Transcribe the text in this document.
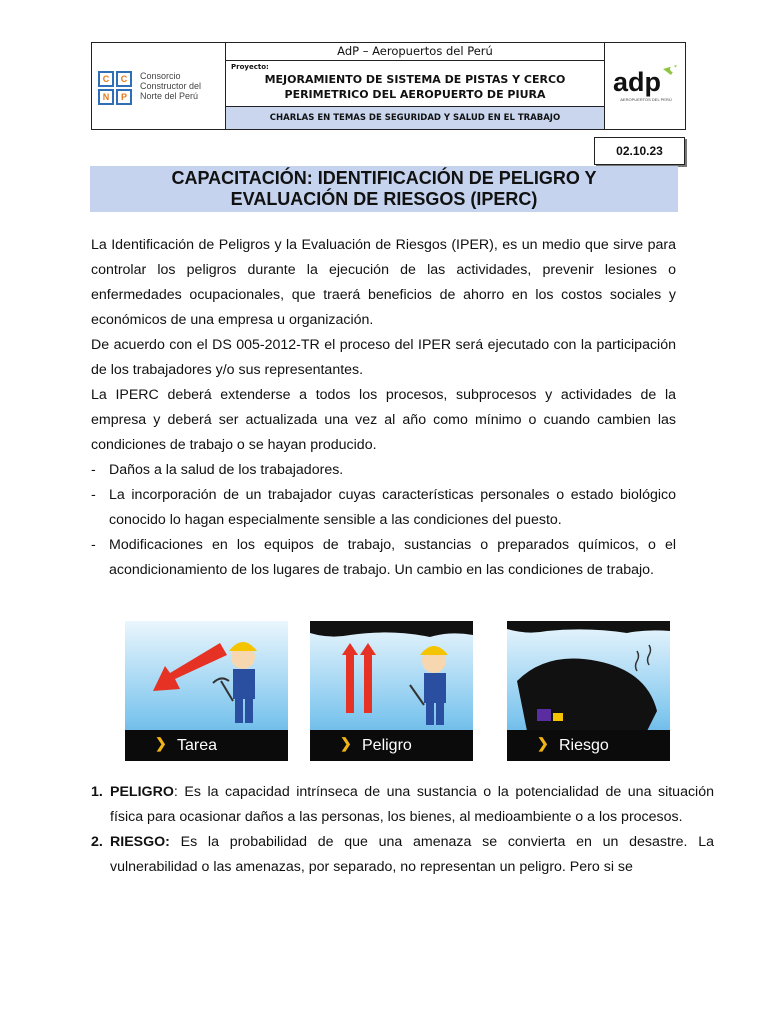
C	C
N	P
Consorcio
Constructor del
Norte del Perú
AdP – Aeropuertos del Perú
Proyecto:
MEJORAMIENTO DE SISTEMA DE PISTAS Y CERCO
PERIMETRICO DEL AEROPUERTO DE PIURA
CHARLAS EN TEMAS DE SEGURIDAD Y SALUD EN EL TRABAJO
adp
AEROPUERTOS DEL PERÚ
02.10.23
CAPACITACIÓN: IDENTIFICACIÓN DE PELIGRO Y
EVALUACIÓN DE RIESGOS (IPERC)

La Identificación de Peligros y la Evaluación de Riesgos (IPER), es un medio que sirve para controlar los peligros durante la ejecución de las actividades, prevenir lesiones o enfermedades ocupacionales, que traerá beneficios de ahorro en los costos sociales y económicos de una empresa u organización.

De acuerdo con el DS 005-2012-TR el proceso del IPER será ejecutado con la participación de los trabajadores y/o sus representantes.

La IPERC deberá extenderse a todos los procesos, subprocesos y actividades de la empresa y deberá ser actualizada una vez al año como mínimo o cuando cambien las condiciones de trabajo o se hayan producido.

- Daños a la salud de los trabajadores.
- La incorporación de un trabajador cuyas características personales o estado biológico conocido lo hagan especialmente sensible a las condiciones del puesto.
- Modificaciones en los equipos de trabajo, sustancias o preparados químicos, o el acondicionamiento de los lugares de trabajo. Un cambio en las condiciones de trabajo.
❯ Tarea	❯ Peligro	❯ Riesgo
1. PELIGRO: Es la capacidad intrínseca de una sustancia o la potencialidad de una situación física para ocasionar daños a las personas, los bienes, al medioambiente o a los procesos.
2. RIESGO: Es la probabilidad de que una amenaza se convierta en un desastre. La vulnerabilidad o las amenazas, por separado, no representan un peligro. Pero si se
